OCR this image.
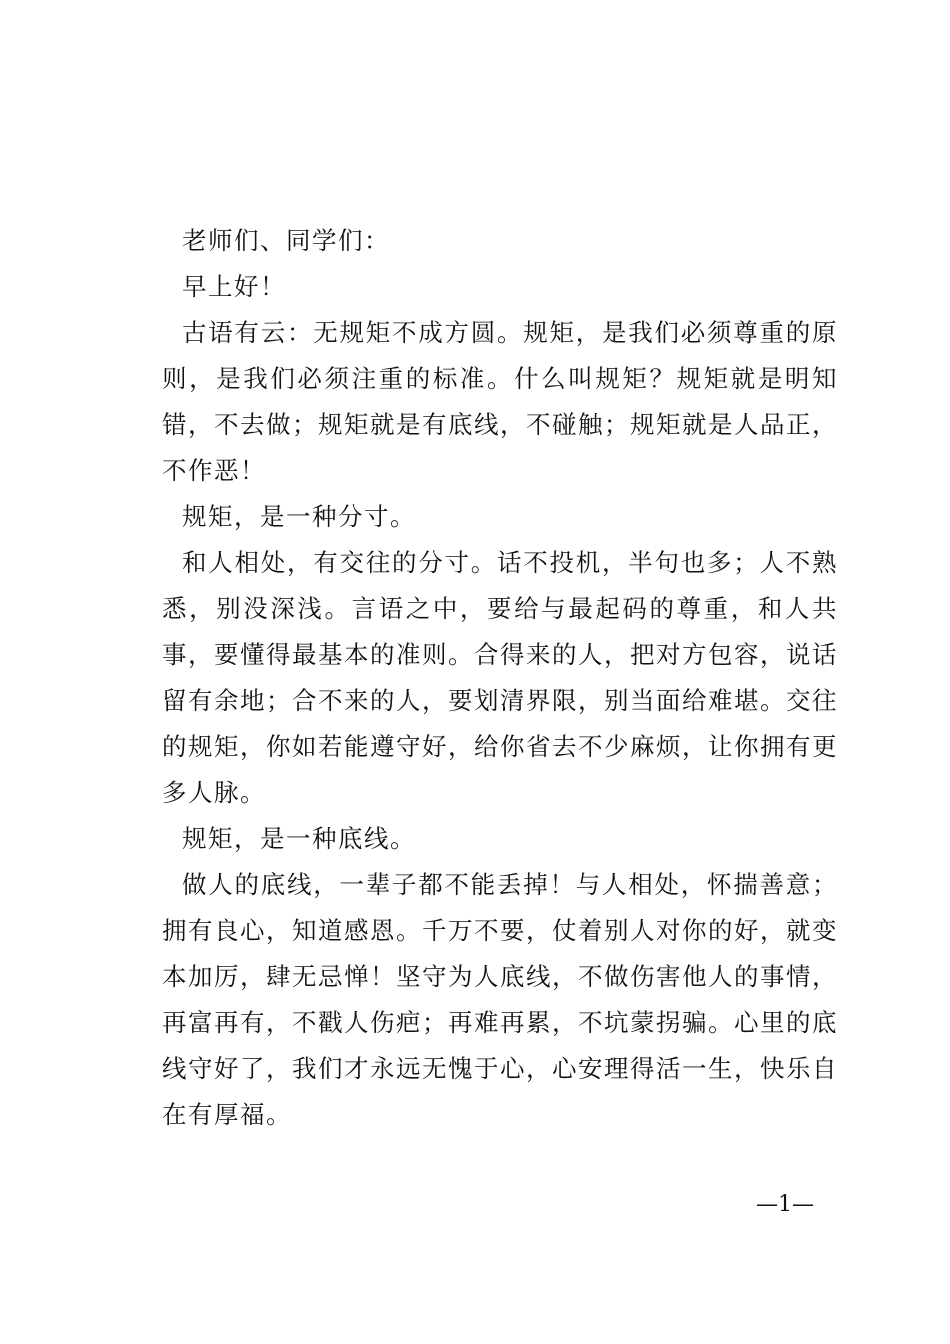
老师们、同学们：

早上好！

古语有云：无规矩不成方圆。规矩，是我们必须尊重的原则，是我们必须注重的标准。什么叫规矩？规矩就是明知错，不去做；规矩就是有底线，不碰触；规矩就是人品正，不作恶！

规矩，是一种分寸。

和人相处，有交往的分寸。话不投机，半句也多；人不熟悉，别没深浅。言语之中，要给与最起码的尊重，和人共事，要懂得最基本的准则。合得来的人，把对方包容，说话留有余地；合不来的人，要划清界限，别当面给难堪。交往的规矩，你如若能遵守好，给你省去不少麻烦，让你拥有更多人脉。

规矩，是一种底线。

做人的底线，一辈子都不能丢掉！与人相处，怀揣善意；拥有良心，知道感恩。千万不要，仗着别人对你的好，就变本加厉，肆无忌惮！坚守为人底线，不做伤害他人的事情，再富再有，不戳人伤疤；再难再累，不坑蒙拐骗。心里的底线守好了，我们才永远无愧于心，心安理得活一生，快乐自在有厚福。

—1—
